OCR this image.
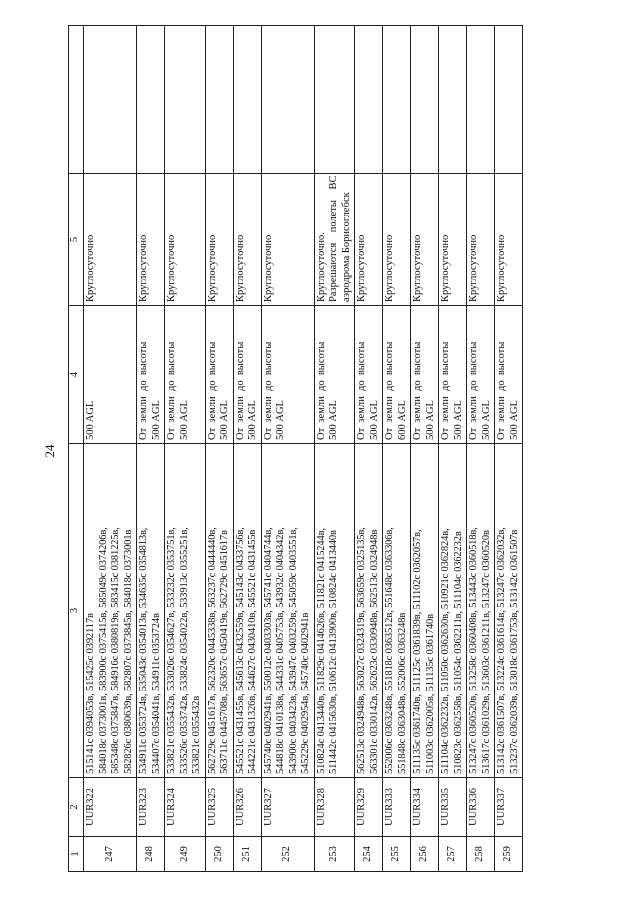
24
1	2	3	4	5	
247	UUR322	515141с 0394053в, 515425с 0392117в
584018с 0373001в, 583900с 0375415в, 585049с 0374206в,
585348с 0375847в, 584916с 0380819в, 583415с 0381225в,
582826с 0380639в, 582807с 0373845в, 584018с 0373001в	500 AGL	Круглосуточно	
248	UUR323	534911с 0353724в, 535043с 0354013в, 534635с 0354813в,
534407с 0354041в, 534911с 0353724в	От  земли  до  высоты
500 AGL	Круглосуточно	
249	UUR324	533821с 0355432в, 533026с 0354627в, 533232с 0353751в,
533526с 0353742в, 533824с 0354022в, 533913с 0355251в,
533821с 0355432в	От  земли  до  высоты
500 AGL	Круглосуточно	
250	UUR325	562729с 0451617в, 562320с 0445338в, 563237с 0444440в,
563711с 0445708в, 563657с 0450419в, 562729с 0451617в	От  земли  до  высоты
500 AGL	Круглосуточно	
251	UUR326	545521с 0431455в, 545613с 0432559в, 545143с 0433756в,
544221с 0431326в, 544627с 0430410в, 545521с 0431455в	От  земли  до  высоты
500 AGL	Круглосуточно	
252	UUR327	545740с 0402941в, 550012с 0403303в, 545741с 0404744в,
544818с 0410138в, 544331с 0405753в, 543932с 0404342в,
543900с 0403423в, 543947с 0403259в, 545059с 0403551в,
545229с 0402954в, 545740с 0402941в	От  земли  до  высоты
500 AGL	Круглосуточно	
253	UUR328	510824с 0413440в, 511829с 0414626в, 511821с 0415244в,
511442с 0415630в, 510612с 0413900в, 510824с 0413440в	От  земли  до  высоты
500 AGL	Круглосуточно.
Разрешаются    полеты    ВС
аэродрома Борисоглебск	
254	UUR329	562513с 0324948в, 563027с 0324319в, 563659с 0325135в,
563301с 0330142в, 562623с 0330948в, 562513с 0324948в	От  земли  до  высоты
500 AGL	Круглосуточно	
255	UUR333	552006с 0363248в, 551818с 0363512в, 551648с 0363306в,
551848с 0363048в, 552006с 0363248в	От  земли  до  высоты
600 AGL	Круглосуточно	
256	UUR334	511135с 0361740в, 511125с 0361839в, 511102с 0362057в,
511003с 0362005в, 511135с 0361740в	От  земли  до  высоты
500 AGL	Круглосуточно	
257	UUR335	511104с 0362232в, 511050с 0362630в, 510921с 0362824в,
510823с 0362558в, 511054с 0362211в, 511104с 0362232в	От  земли  до  высоты
500 AGL	Круглосуточно	
258	UUR336	513247с 0360520в, 513258с 0360408в, 513443с 0360518в,
513617с 0361029в, 513603с 0361211в, 513247с 0360520в	От  земли  до  высоты
500 AGL	Круглосуточно	
259	UUR337	513142с 0361507в, 513224с 0361614в, 513247с 0362032в,
513237с 0362039в, 513018с 0361753в, 513142с 0361507в	От  земли  до  высоты
500 AGL	Круглосуточно	
